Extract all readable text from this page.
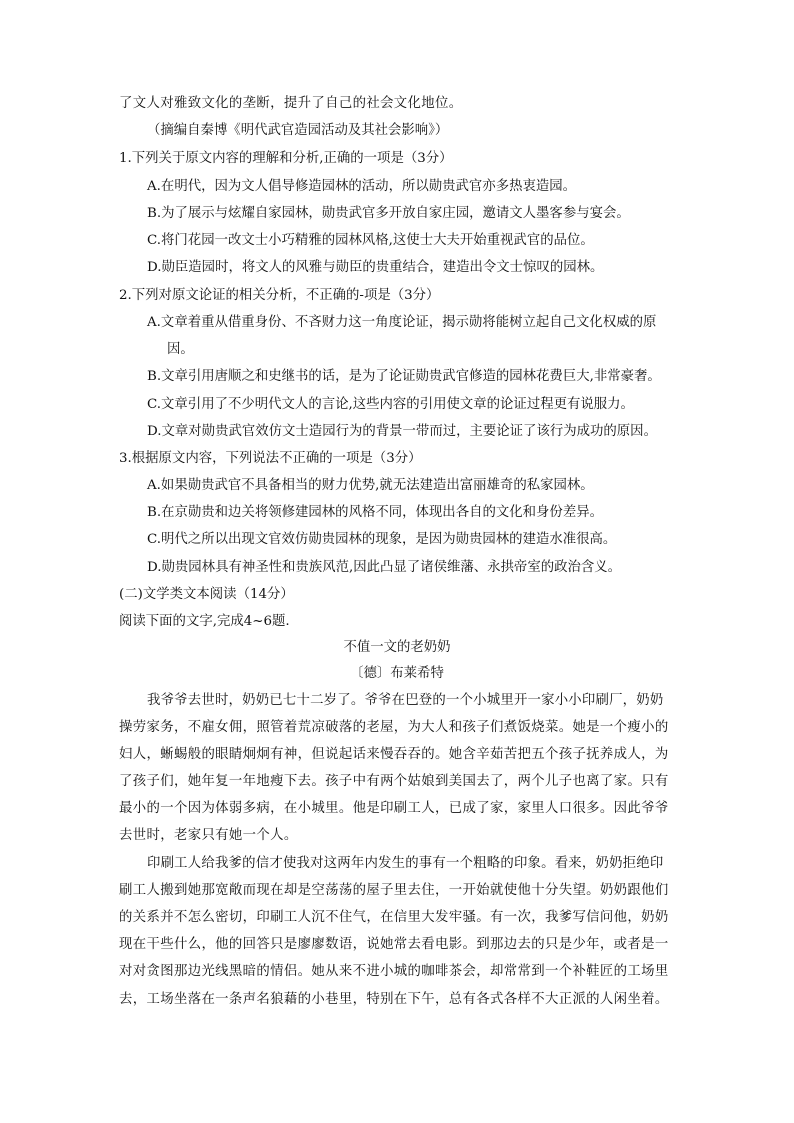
了文人对雅致文化的垄断，提升了自己的社会文化地位。
（摘编自秦博《明代武官造园活动及其社会影响》）
1.下列关于原文内容的理解和分析,正确的一项是（3分）
A.在明代，因为文人倡导修造园林的活动，所以勋贵武官亦多热衷造园。
B.为了展示与炫耀自家园林，勋贵武官多开放自家庄园，邀请文人墨客参与宴会。
C.将门花园一改文士小巧精雅的园林风格,这使士大夫开始重视武官的品位。
D.勋臣造园时，将文人的风雅与勋臣的贵重结合，建造出令文士惊叹的园林。
2.下列对原文论证的相关分析，不正确的-项是（3分）
A.文章着重从借重身份、不吝财力这一角度论证，揭示勋将能树立起自己文化权威的原
因。
B.文章引用唐顺之和史继书的话，是为了论证勋贵武官修造的园林花费巨大,非常豪奢。
C.文章引用了不少明代文人的言论,这些内容的引用使文章的论证过程更有说服力。
D.文章对勋贵武官效仿文士造园行为的背景一带而过，主要论证了该行为成功的原因。
3.根据原文内容，下列说法不正确的一项是（3分）
A.如果勋贵武官不具备相当的财力优势,就无法建造出富丽雄奇的私家园林。
B.在京勋贵和边关将领修建园林的风格不同，体现出各自的文化和身份差异。
C.明代之所以出现文官效仿勋贵园林的现象，是因为勋贵园林的建造水准很高。
D.勋贵园林具有神圣性和贵族风范,因此凸显了诸侯维藩、永拱帝室的政治含义。
(二)文学类文本阅读（14分）
阅读下面的文字,完成4~6题.
不值一文的老奶奶
〔德〕布莱希特
我爷爷去世时，奶奶已七十二岁了。爷爷在巴登的一个小城里开一家小小印刷厂，奶奶
操劳家务，不雇女佣，照管着荒凉破落的老屋，为大人和孩子们煮饭烧菜。她是一个瘦小的
妇人，蜥蜴般的眼睛炯炯有神，但说起话来慢吞吞的。她含辛茹苦把五个孩子抚养成人，为
了孩子们，她年复一年地瘦下去。孩子中有两个姑娘到美国去了，两个儿子也离了家。只有
最小的一个因为体弱多病，在小城里。他是印刷工人，已成了家，家里人口很多。因此爷爷
去世时，老家只有她一个人。
印刷工人给我爹的信才使我对这两年内发生的事有一个粗略的印象。看来，奶奶拒绝印
刷工人搬到她那宽敞而现在却是空荡荡的屋子里去住，一开始就使他十分失望。奶奶跟他们
的关系并不怎么密切，印刷工人沉不住气，在信里大发牢骚。有一次，我爹写信问他，奶奶
现在干些什么，他的回答只是廖廖数语，说她常去看电影。到那边去的只是少年，或者是一
对对贪图那边光线黑暗的情侣。她从来不进小城的咖啡茶会，却常常到一个补鞋匠的工场里
去，工场坐落在一条声名狼藉的小巷里，特别在下午，总有各式各样不大正派的人闲坐着。
